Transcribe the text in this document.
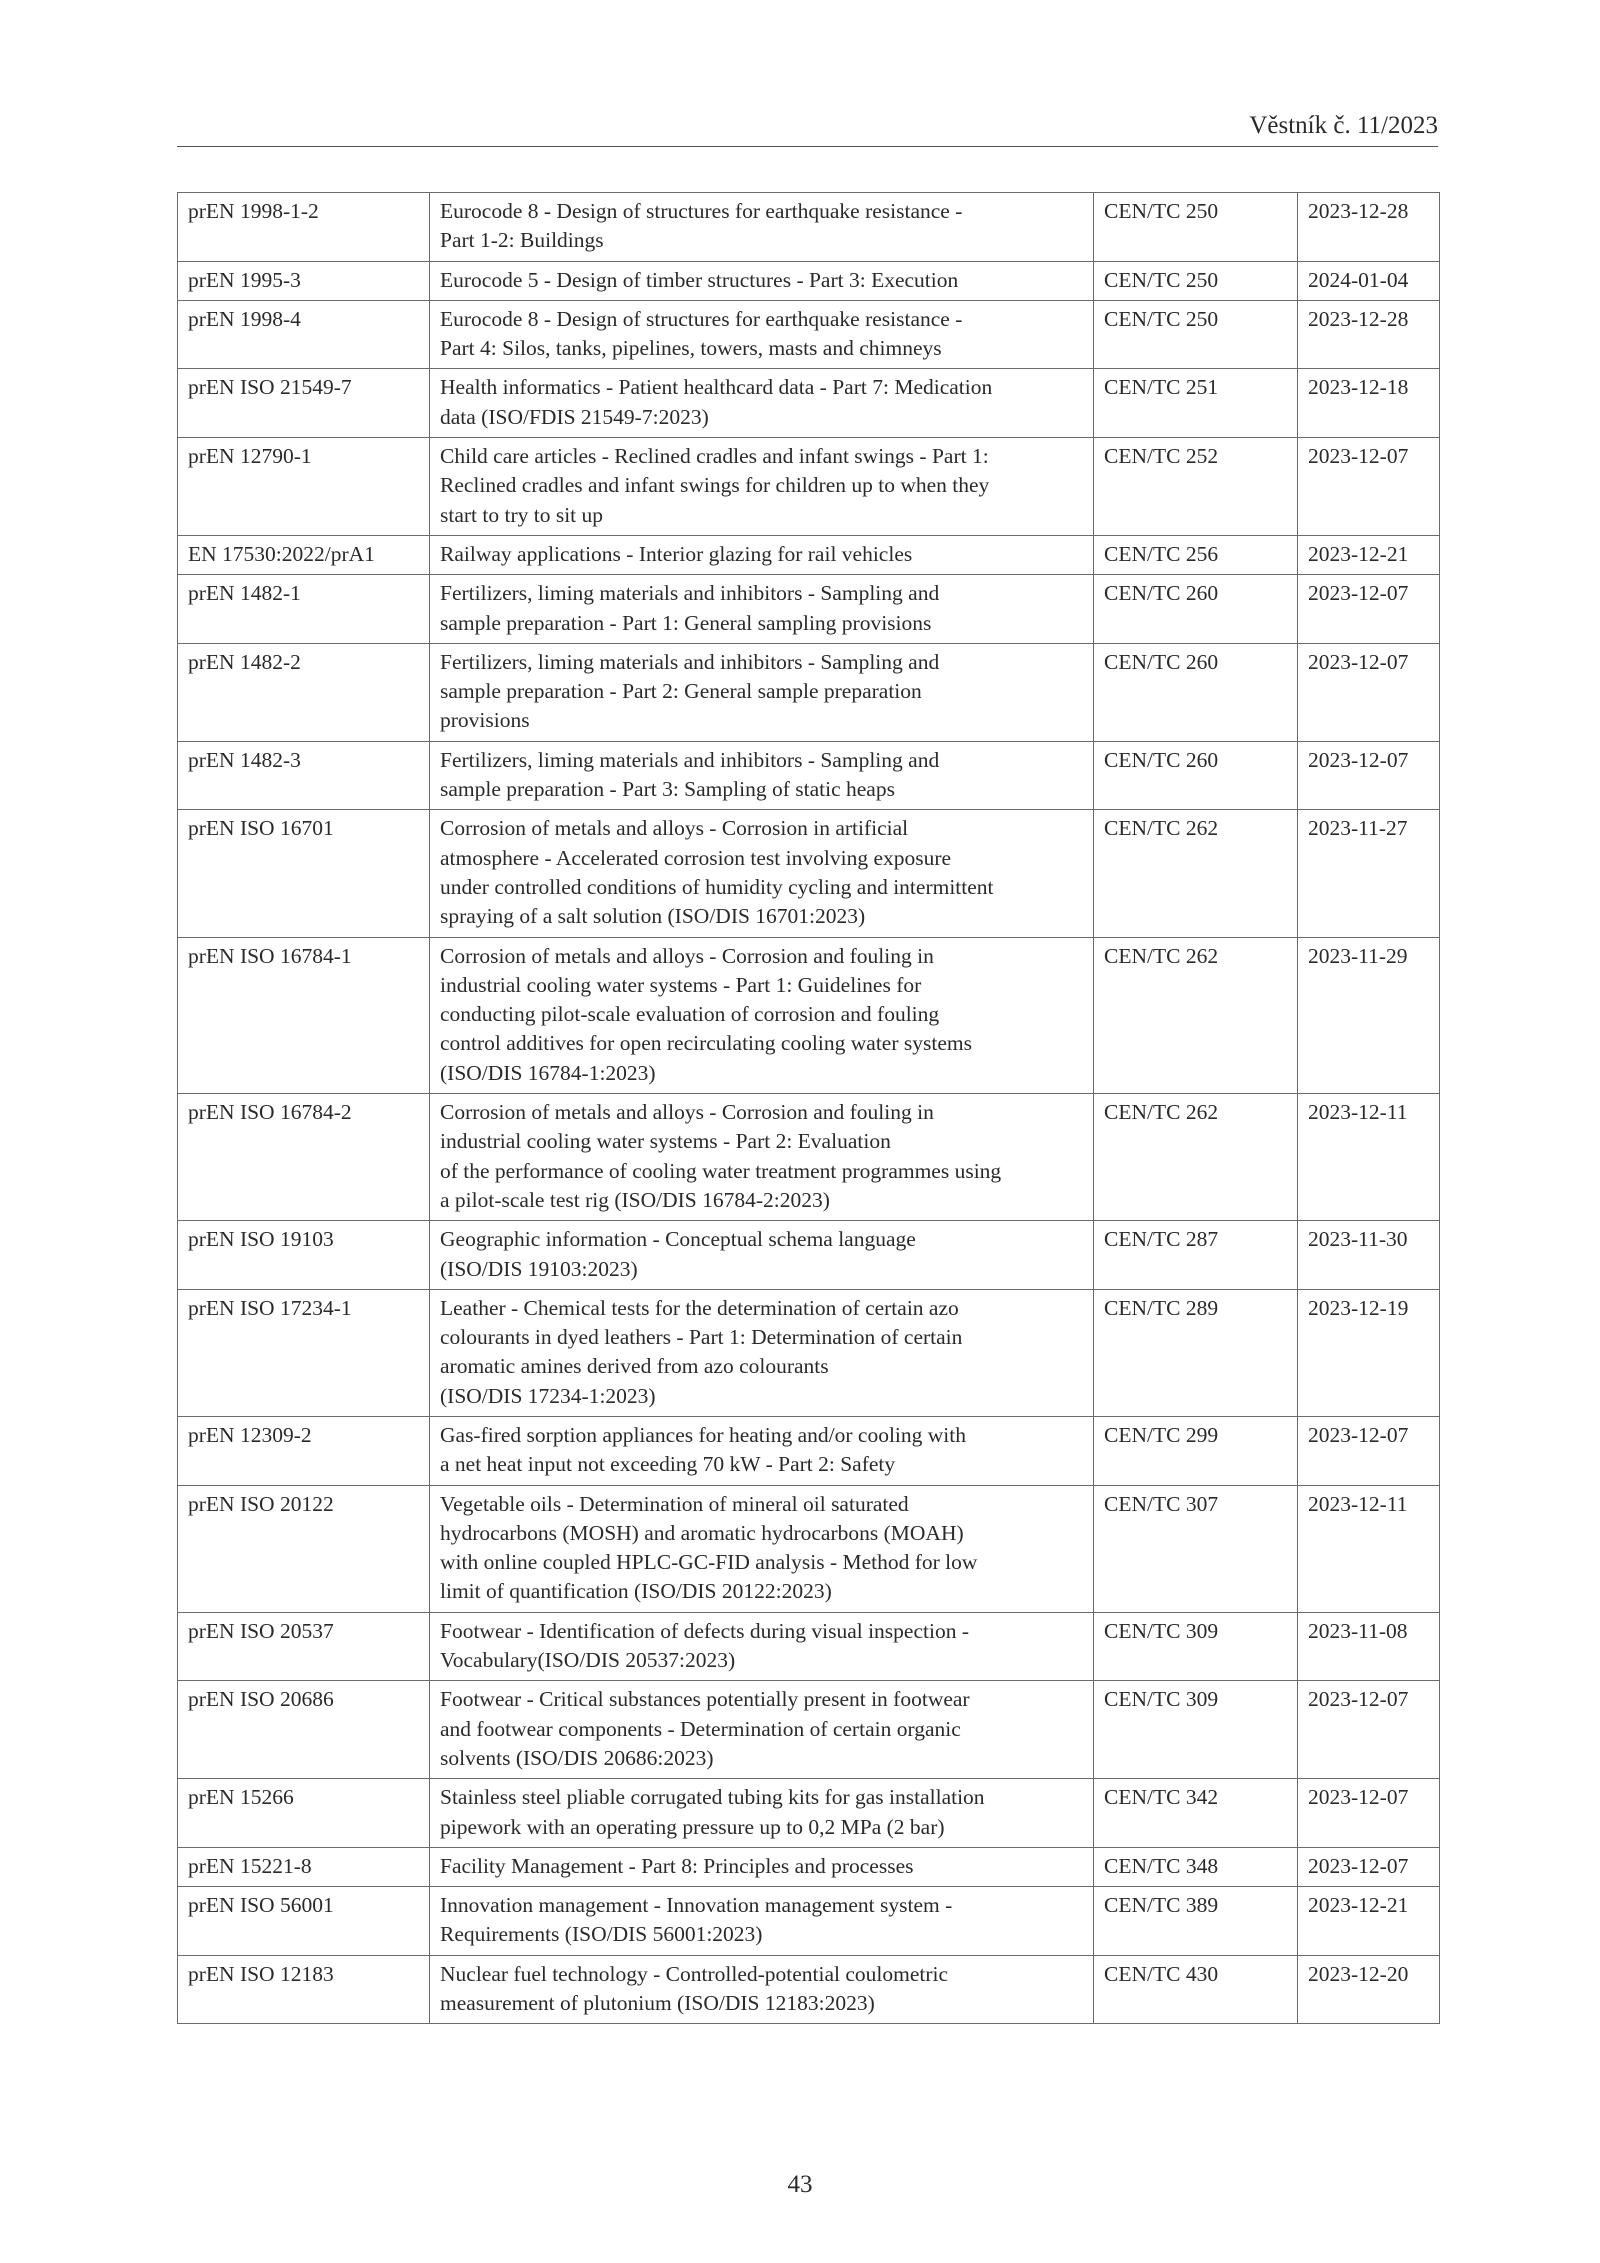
Věstník č. 11/2023
prEN 1998-1-2	Eurocode 8 - Design of structures for earthquake resistance -
Part 1-2: Buildings	CEN/TC 250	2023-12-28
prEN 1995-3	Eurocode 5 - Design of timber structures - Part 3: Execution	CEN/TC 250	2024-01-04
prEN 1998-4	Eurocode 8 - Design of structures for earthquake resistance -
Part 4: Silos, tanks, pipelines, towers, masts and chimneys	CEN/TC 250	2023-12-28
prEN ISO 21549-7	Health informatics - Patient healthcard data - Part 7: Medication
data (ISO/FDIS 21549-7:2023)	CEN/TC 251	2023-12-18
prEN 12790-1	Child care articles - Reclined cradles and infant swings - Part 1:
Reclined cradles and infant swings for children up to when they
start to try to sit up	CEN/TC 252	2023-12-07
EN 17530:2022/prA1	Railway applications - Interior glazing for rail vehicles	CEN/TC 256	2023-12-21
prEN 1482-1	Fertilizers, liming materials and inhibitors - Sampling and
sample preparation - Part 1: General sampling provisions	CEN/TC 260	2023-12-07
prEN 1482-2	Fertilizers, liming materials and inhibitors - Sampling and
sample preparation - Part 2: General sample preparation
provisions	CEN/TC 260	2023-12-07
prEN 1482-3	Fertilizers, liming materials and inhibitors - Sampling and
sample preparation - Part 3: Sampling of static heaps	CEN/TC 260	2023-12-07
prEN ISO 16701	Corrosion of metals and alloys - Corrosion in artificial
atmosphere - Accelerated corrosion test involving exposure
under controlled conditions of humidity cycling and intermittent
spraying of a salt solution (ISO/DIS 16701:2023)	CEN/TC 262	2023-11-27
prEN ISO 16784-1	Corrosion of metals and alloys - Corrosion and fouling in
industrial cooling water systems - Part 1: Guidelines for
conducting pilot-scale evaluation of corrosion and fouling
control additives for open recirculating cooling water systems
(ISO/DIS 16784-1:2023)	CEN/TC 262	2023-11-29
prEN ISO 16784-2	Corrosion of metals and alloys - Corrosion and fouling in
industrial cooling water systems - Part 2: Evaluation
of the performance of cooling water treatment programmes using
a pilot-scale test rig (ISO/DIS 16784-2:2023)	CEN/TC 262	2023-12-11
prEN ISO 19103	Geographic information - Conceptual schema language
(ISO/DIS 19103:2023)	CEN/TC 287	2023-11-30
prEN ISO 17234-1	Leather - Chemical tests for the determination of certain azo
colourants in dyed leathers - Part 1: Determination of certain
aromatic amines derived from azo colourants
(ISO/DIS 17234-1:2023)	CEN/TC 289	2023-12-19
prEN 12309-2	Gas-fired sorption appliances for heating and/or cooling with
a net heat input not exceeding 70 kW - Part 2: Safety	CEN/TC 299	2023-12-07
prEN ISO 20122	Vegetable oils - Determination of mineral oil saturated
hydrocarbons (MOSH) and aromatic hydrocarbons (MOAH)
with online coupled HPLC-GC-FID analysis - Method for low
limit of quantification (ISO/DIS 20122:2023)	CEN/TC 307	2023-12-11
prEN ISO 20537	Footwear - Identification of defects during visual inspection -
Vocabulary(ISO/DIS 20537:2023)	CEN/TC 309	2023-11-08
prEN ISO 20686	Footwear - Critical substances potentially present in footwear
and footwear components - Determination of certain organic
solvents (ISO/DIS 20686:2023)	CEN/TC 309	2023-12-07
prEN 15266	Stainless steel pliable corrugated tubing kits for gas installation
pipework with an operating pressure up to 0,2 MPa (2 bar)	CEN/TC 342	2023-12-07
prEN 15221-8	Facility Management - Part 8: Principles and processes	CEN/TC 348	2023-12-07
prEN ISO 56001	Innovation management - Innovation management system -
Requirements (ISO/DIS 56001:2023)	CEN/TC 389	2023-12-21
prEN ISO 12183	Nuclear fuel technology - Controlled-potential coulometric
measurement of plutonium (ISO/DIS 12183:2023)	CEN/TC 430	2023-12-20
43
